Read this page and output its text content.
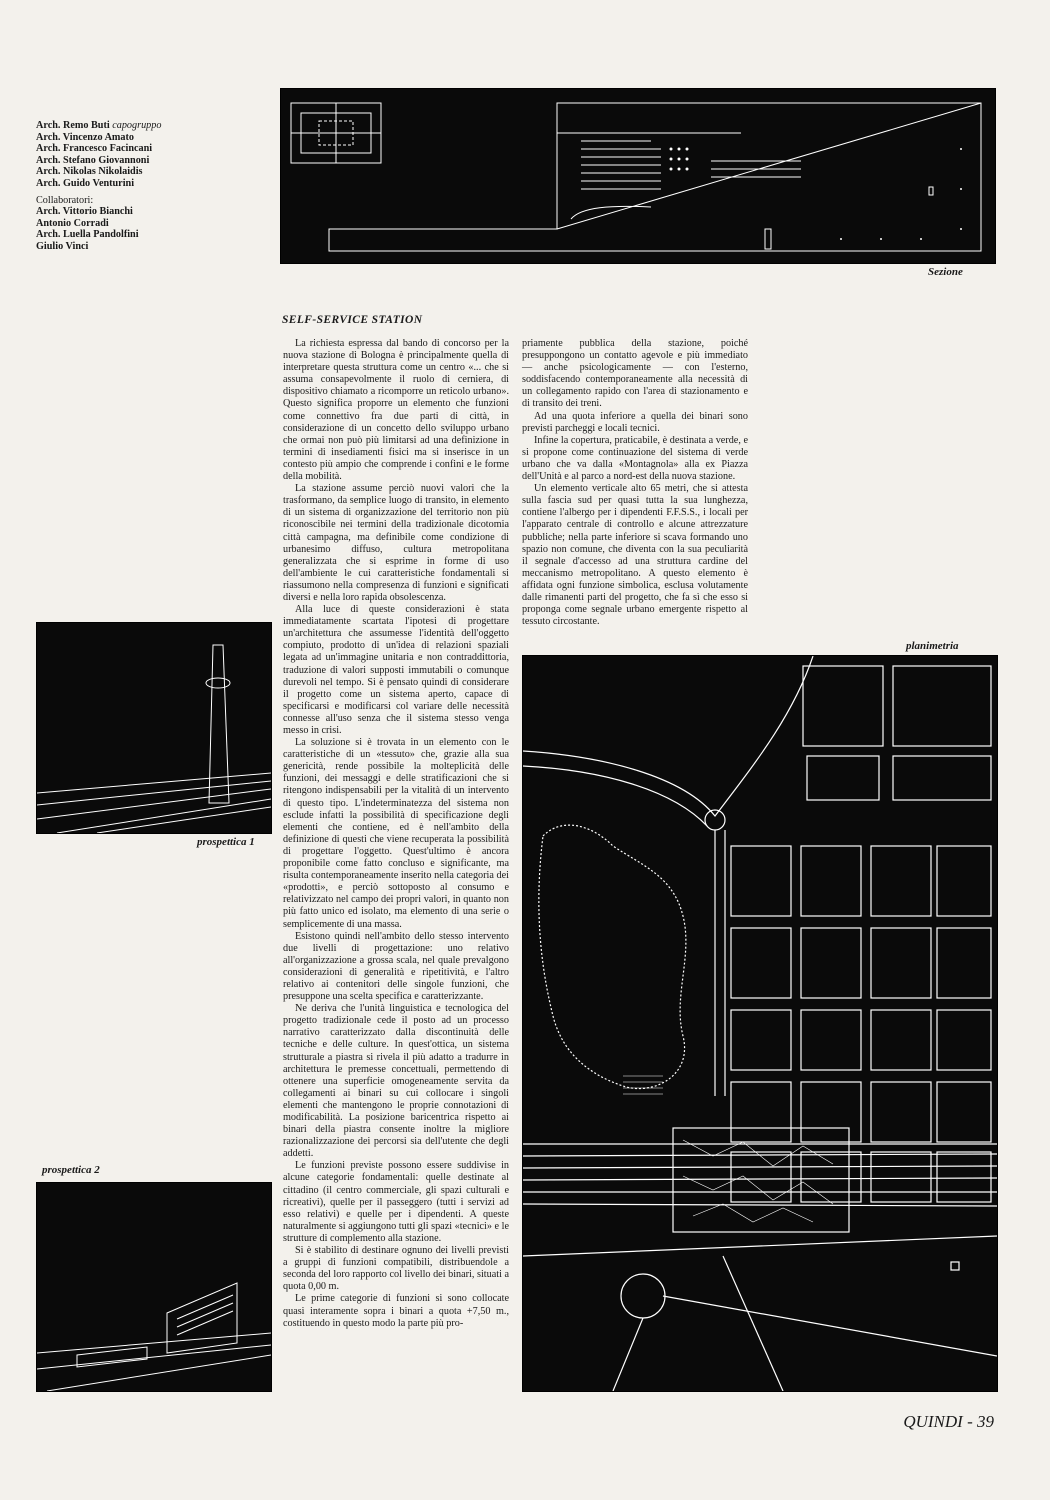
Arch. Remo Buti capogruppo
Arch. Vincenzo Amato
Arch. Francesco Facincani
Arch. Stefano Giovannoni
Arch. Nikolas Nikolaidis
Arch. Guido Venturini
Collaboratori:
Arch. Vittorio Bianchi
Antonio Corradi
Arch. Luella Pandolfini
Giulio Vinci
Sezione
prospettica 1
prospettica 2
SELF-SERVICE STATION

La richiesta espressa dal bando di concorso per la nuova stazione di Bologna è principalmente quella di interpretare questa struttura come un centro «... che si assuma consapevolmente il ruolo di cerniera, di dispositivo chiamato a ricomporre un reticolo urbano». Questo significa proporre un elemento che funzioni come connettivo fra due parti di città, in considerazione di un concetto dello sviluppo urbano che ormai non può più limitarsi ad una definizione in termini di insediamenti fisici ma si inserisce in un contesto più ampio che comprende i confini e le forme della mobilità.

La stazione assume perciò nuovi valori che la trasformano, da semplice luogo di transito, in elemento di un sistema di organizzazione del territorio non più riconoscibile nei termini della tradizionale dicotomia città campagna, ma definibile come condizione di urbanesimo diffuso, cultura metropolitana generalizzata che si esprime in forme di uso dell'ambiente le cui caratteristiche fondamentali si riassumono nella compresenza di funzioni e significati diversi e nella loro rapida obsolescenza.

Alla luce di queste considerazioni è stata immediatamente scartata l'ipotesi di progettare un'architettura che assumesse l'identità dell'oggetto compiuto, prodotto di un'idea di relazioni spaziali legata ad un'immagine unitaria e non contraddittoria, traduzione di valori supposti immutabili o comunque durevoli nel tempo. Si è pensato quindi di considerare il progetto come un sistema aperto, capace di specificarsi e modificarsi col variare delle necessità connesse all'uso senza che il sistema stesso venga messo in crisi.

La soluzione si è trovata in un elemento con le caratteristiche di un «tessuto» che, grazie alla sua genericità, rende possibile la molteplicità delle funzioni, dei messaggi e delle stratificazioni che si ritengono indispensabili per la vitalità di un intervento di questo tipo. L'indeterminatezza del sistema non esclude infatti la possibilità di specificazione degli elementi che contiene, ed è nell'ambito della definizione di questi che viene recuperata la possibilità di progettare l'oggetto. Quest'ultimo è ancora proponibile come fatto concluso e significante, ma risulta contemporaneamente inserito nella categoria dei «prodotti», e perciò sottoposto al consumo e relativizzato nel campo dei propri valori, in quanto non più fatto unico ed isolato, ma elemento di una serie o semplicemente di una massa.

Esistono quindi nell'ambito dello stesso intervento due livelli di progettazione: uno relativo all'organizzazione a grossa scala, nel quale prevalgono considerazioni di generalità e ripetitività, e l'altro relativo ai contenitori delle singole funzioni, che presuppone una scelta specifica e caratterizzante.

Ne deriva che l'unità linguistica e tecnologica del progetto tradizionale cede il posto ad un processo narrativo caratterizzato dalla discontinuità delle tecniche e delle culture. In quest'ottica, un sistema strutturale a piastra si rivela il più adatto a tradurre in architettura le premesse concettuali, permettendo di ottenere una superficie omogeneamente servita da collegamenti ai binari su cui collocare i singoli elementi che mantengono le proprie connotazioni di modificabilità. La posizione baricentrica rispetto ai binari della piastra consente inoltre la migliore razionalizzazione dei percorsi sia dell'utente che degli addetti.

Le funzioni previste possono essere suddivise in alcune categorie fondamentali: quelle destinate al cittadino (il centro commerciale, gli spazi culturali e ricreativi), quelle per il passeggero (tutti i servizi ad esso relativi) e quelle per i dipendenti. A queste naturalmente si aggiungono tutti gli spazi «tecnici» e le strutture di complemento alla stazione.

Si è stabilito di destinare ognuno dei livelli previsti a gruppi di funzioni compatibili, distribuendole a seconda del loro rapporto col livello dei binari, situati a quota 0,00 m.

Le prime categorie di funzioni si sono collocate quasi interamente sopra i binari a quota +7,50 m., costituendo in questo modo la parte più pro-

priamente pubblica della stazione, poiché presuppongono un contatto agevole e più immediato — anche psicologicamente — con l'esterno, soddisfacendo contemporaneamente alla necessità di un collegamento rapido con l'area di stazionamento e di transito dei treni.

Ad una quota inferiore a quella dei binari sono previsti parcheggi e locali tecnici.

Infine la copertura, praticabile, è destinata a verde, e si propone come continuazione del sistema di verde urbano che va dalla «Montagnola» alla ex Piazza dell'Unità e al parco a nord-est della nuova stazione.

Un elemento verticale alto 65 metri, che si attesta sulla fascia sud per quasi tutta la sua lunghezza, contiene l'albergo per i dipendenti F.F.S.S., i locali per l'apparato centrale di controllo e alcune attrezzature pubbliche; nella parte inferiore si scava formando uno spazio non comune, che diventa con la sua peculiarità il segnale d'accesso ad una struttura cardine del meccanismo metropolitano. A questo elemento è affidata ogni funzione simbolica, esclusa volutamente dalle rimanenti parti del progetto, che fa sì che esso si proponga come segnale urbano emergente rispetto al tessuto circostante.

planimetria
QUINDI - 39
